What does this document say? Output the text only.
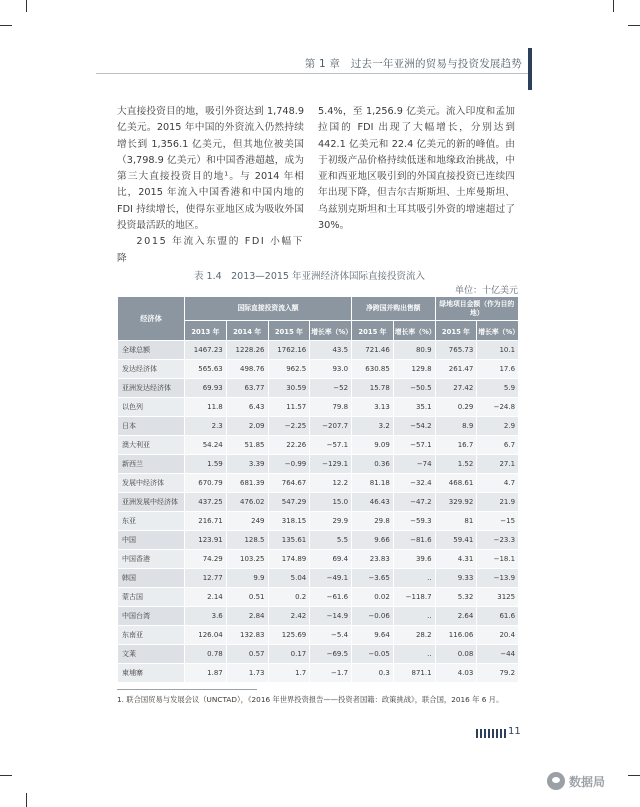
第 1 章　过去一年亚洲的贸易与投资发展趋势

大直接投资目的地，吸引外资达到 1,748.9 亿美元。2015 年中国的外资流入仍然持续增长到 1,356.1 亿美元，但其地位被美国（3,798.9 亿美元）和中国香港超越，成为第三大直接投资目的地¹。与 2014 年相比，2015 年流入中国香港和中国内地的 FDI 持续增长，使得东亚地区成为吸收外国投资最活跃的地区。

2015 年流入东盟的 FDI 小幅下降

5.4%，至 1,256.9 亿美元。流入印度和孟加拉国的 FDI 出现了大幅增长，分别达到 442.1 亿美元和 22.4 亿美元的新的峰值。由于初级产品价格持续低迷和地缘政治挑战，中亚和西亚地区吸引到的外国直接投资已连续四年出现下降，但吉尔吉斯斯坦、土库曼斯坦、乌兹别克斯坦和土耳其吸引外资的增速超过了 30%。

表 1.4　2013—2015 年亚洲经济体国际直接投资流入
单位：十亿美元
经济体	国际直接投资流入额				净跨国并购出售额		绿地项目金额（作为目的地）	
	2013 年	2014 年	2015 年	增长率（%）	2015 年	增长率（%）	2015 年	增长率（%）
全球总额	1467.23	1228.26	1762.16	43.5	721.46	80.9	765.73	10.1
发达经济体	565.63	498.76	962.5	93.0	630.85	129.8	261.47	17.6
亚洲发达经济体	69.93	63.77	30.59	−52	15.78	−50.5	27.42	5.9
以色列	11.8	6.43	11.57	79.8	3.13	35.1	0.29	−24.8
日本	2.3	2.09	−2.25	−207.7	3.2	−54.2	8.9	2.9
澳大利亚	54.24	51.85	22.26	−57.1	9.09	−57.1	16.7	6.7
新西兰	1.59	3.39	−0.99	−129.1	0.36	−74	1.52	27.1
发展中经济体	670.79	681.39	764.67	12.2	81.18	−32.4	468.61	4.7
亚洲发展中经济体	437.25	476.02	547.29	15.0	46.43	−47.2	329.92	21.9
东亚	216.71	249	318.15	29.9	29.8	−59.3	81	−15
中国	123.91	128.5	135.61	5.5	9.66	−81.6	59.41	−23.3
中国香港	74.29	103.25	174.89	69.4	23.83	39.6	4.31	−18.1
韩国	12.77	9.9	5.04	−49.1	−3.65	..	9.33	−13.9
蒙古国	2.14	0.51	0.2	−61.6	0.02	−118.7	5.32	3125
中国台湾	3.6	2.84	2.42	−14.9	−0.06	..	2.64	61.6
东南亚	126.04	132.83	125.69	−5.4	9.64	28.2	116.06	20.4
文莱	0.78	0.57	0.17	−69.5	−0.05	..	0.08	−44
柬埔寨	1.87	1.73	1.7	−1.7	0.3	871.1	4.03	79.2
1. 联合国贸易与发展会议（UNCTAD），《2016 年世界投资报告——投资者国籍：政策挑战》，联合国，2016 年 6 月。
11
数据局
